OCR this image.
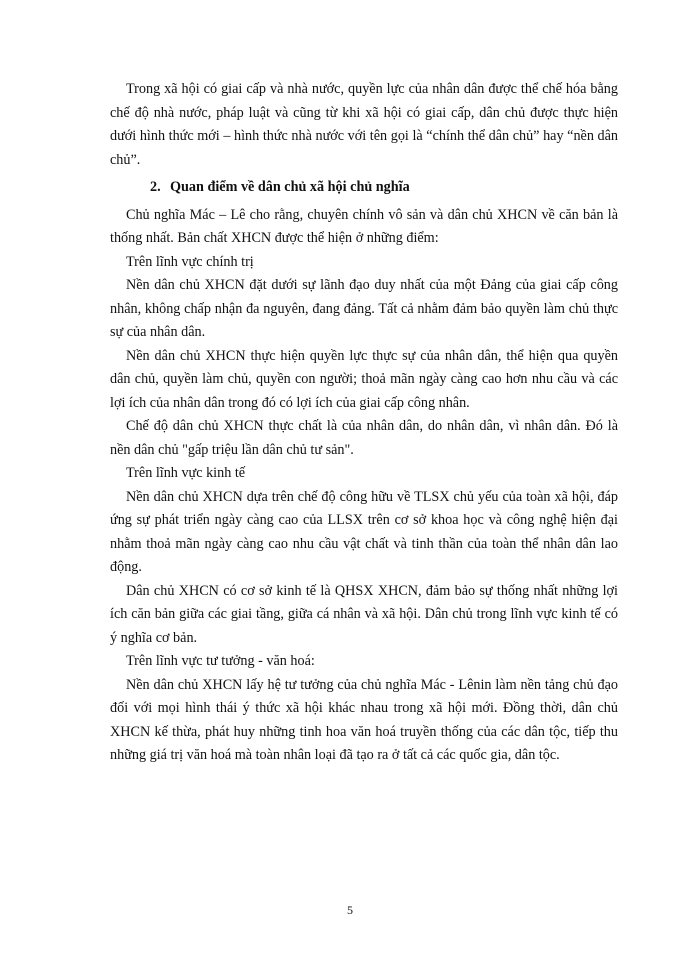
Trong xã hội có giai cấp và nhà nước, quyền lực của nhân dân được thể chế hóa bằng chế độ nhà nước, pháp luật và cũng từ khi xã hội có giai cấp, dân chủ được thực hiện dưới hình thức mới – hình thức nhà nước với tên gọi là “chính thể dân chủ” hay “nền dân chủ”.

2. Quan điểm về dân chủ xã hội chủ nghĩa

Chủ nghĩa Mác – Lê cho rằng, chuyên chính vô sản và dân chủ XHCN về căn bản là thống nhất. Bản chất XHCN được thể hiện ở những điểm:

Trên lĩnh vực chính trị

Nền dân chủ XHCN đặt dưới sự lãnh đạo duy nhất của một Đảng của giai cấp công nhân, không chấp nhận đa nguyên, đang đảng. Tất cả nhằm đảm bảo quyền làm chủ thực sự của nhân dân.

Nền dân chủ XHCN thực hiện quyền lực thực sự của nhân dân, thể hiện qua quyền dân chủ, quyền làm chủ, quyền con người; thoả mãn ngày càng cao hơn nhu cầu và các lợi ích của nhân dân trong đó có lợi ích của giai cấp công nhân.

Chế độ dân chủ XHCN thực chất là của nhân dân, do nhân dân, vì nhân dân. Đó là nền dân chủ "gấp triệu lần dân chủ tư sản".

Trên lĩnh vực kinh tế

Nền dân chủ XHCN dựa trên chế độ công hữu về TLSX chủ yếu của toàn xã hội, đáp ứng sự phát triển ngày càng cao của LLSX trên cơ sở khoa học và công nghệ hiện đại nhằm thoả mãn ngày càng cao nhu cầu vật chất và tinh thần của toàn thể nhân dân lao động.

Dân chủ XHCN có cơ sở kinh tế là QHSX XHCN, đảm bảo sự thống nhất những lợi ích căn bản giữa các giai tầng, giữa cá nhân và xã hội. Dân chủ trong lĩnh vực kinh tế có ý nghĩa cơ bản.

Trên lĩnh vực tư tưởng - văn hoá:

Nền dân chủ XHCN lấy hệ tư tưởng của chủ nghĩa Mác - Lênin làm nền tảng chủ đạo đối với mọi hình thái ý thức xã hội khác nhau trong xã hội mới. Đồng thời, dân chủ XHCN kế thừa, phát huy những tinh hoa văn hoá truyền thống của các dân tộc, tiếp thu những giá trị văn hoá mà toàn nhân loại đã tạo ra ở tất cả các quốc gia, dân tộc.

5
